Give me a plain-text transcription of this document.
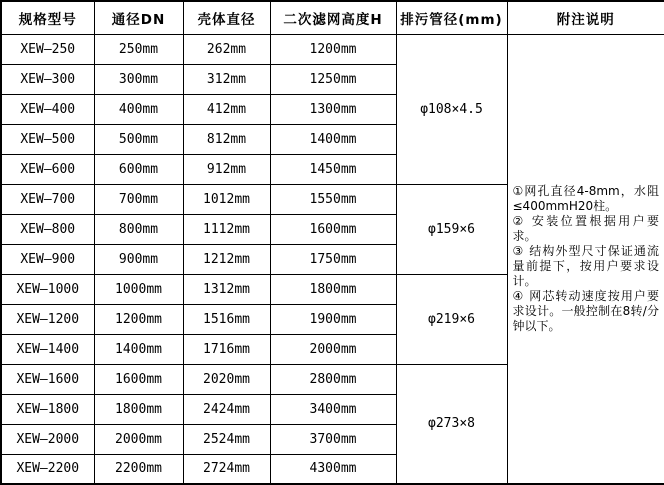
规格型号	通径DN	壳体直径	二次滤网高度H	排污管径(mm)	附注说明
XEW—250	250mm	262mm	1200mm	φ108×4.5	①网孔直径4-8mm，水阻≤400mmH20柱。

② 安装位置根据用户要求。

③ 结构外型尺寸保证通流量前提下，按用户要求设计。

④ 网芯转动速度按用户要求设计。一般控制在8转/分钟以下。

XEW—300	300mm	312mm	1250mm		
XEW—400	400mm	412mm	1300mm		
XEW—500	500mm	812mm	1400mm		
XEW—600	600mm	912mm	1450mm		
XEW—700	700mm	1012mm	1550mm	φ159×6	
XEW—800	800mm	1112mm	1600mm		
XEW—900	900mm	1212mm	1750mm		
XEW—1000	1000mm	1312mm	1800mm	φ219×6	
XEW—1200	1200mm	1516mm	1900mm		
XEW—1400	1400mm	1716mm	2000mm		
XEW—1600	1600mm	2020mm	2800mm	φ273×8	
XEW—1800	1800mm	2424mm	3400mm		
XEW—2000	2000mm	2524mm	3700mm		
XEW—2200	2200mm	2724mm	4300mm		
